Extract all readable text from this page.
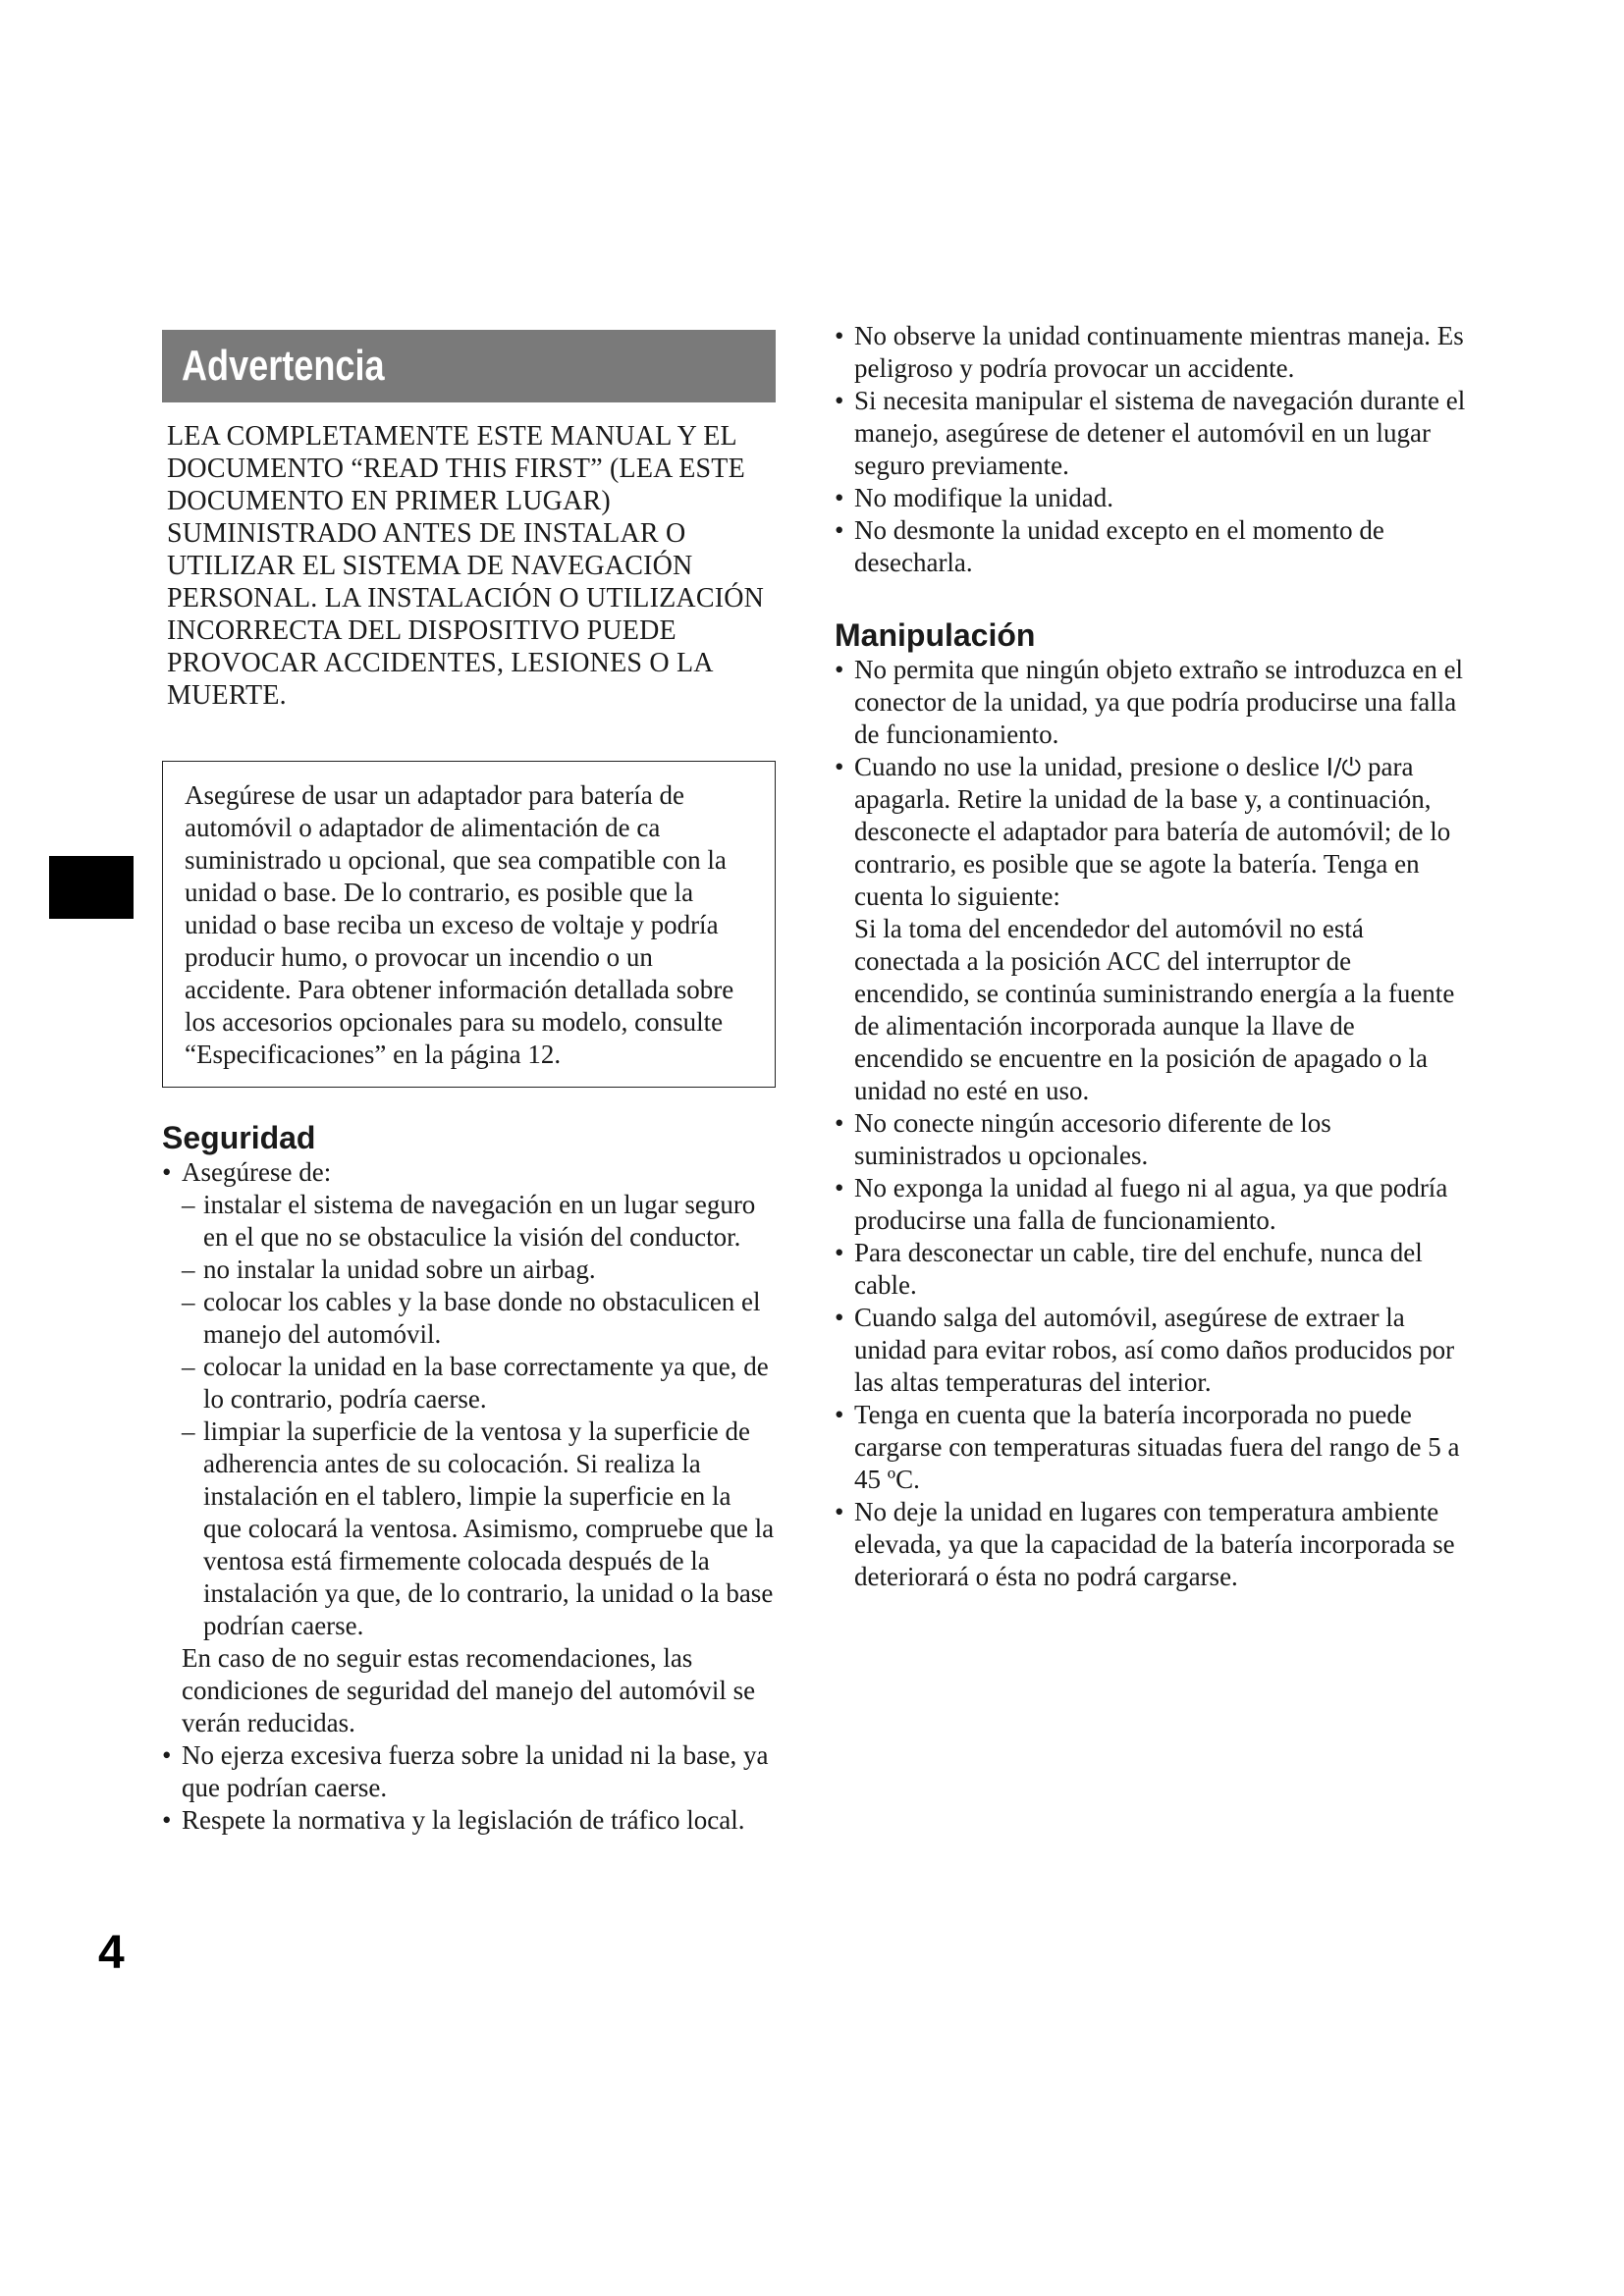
Advertencia
LEA COMPLETAMENTE ESTE MANUAL Y EL DOCUMENTO “READ THIS FIRST” (LEA ESTE DOCUMENTO EN PRIMER LUGAR) SUMINISTRADO ANTES DE INSTALAR O UTILIZAR EL SISTEMA DE NAVEGACIÓN PERSONAL. LA INSTALACIÓN O UTILIZACIÓN INCORRECTA DEL DISPOSITIVO PUEDE PROVOCAR ACCIDENTES, LESIONES O LA MUERTE.
Asegúrese de usar un adaptador para batería de automóvil o adaptador de alimentación de ca suministrado u opcional, que sea compatible con la unidad o base. De lo contrario, es posible que la unidad o base reciba un exceso de voltaje y podría producir humo, o provocar un incendio o un accidente. Para obtener información detallada sobre los accesorios opcionales para su modelo, consulte “Especificaciones” en la página 12.
Seguridad
• Asegúrese de:
– instalar el sistema de navegación en un lugar seguro en el que no se obstaculice la visión del conductor.
– no instalar la unidad sobre un airbag.
– colocar los cables y la base donde no obstaculicen el manejo del automóvil.
– colocar la unidad en la base correctamente ya que, de lo contrario, podría caerse.
– limpiar la superficie de la ventosa y la superficie de adherencia antes de su colocación. Si realiza la instalación en el tablero, limpie la superficie en la que colocará la ventosa. Asimismo, compruebe que la ventosa está firmemente colocada después de la instalación ya que, de lo contrario, la unidad o la base podrían caerse.
En caso de no seguir estas recomendaciones, las condiciones de seguridad del manejo del automóvil se verán reducidas.
• No ejerza excesiva fuerza sobre la unidad ni la base, ya que podrían caerse.
• Respete la normativa y la legislación de tráfico local.
• No observe la unidad continuamente mientras maneja. Es peligroso y podría provocar un accidente.
• Si necesita manipular el sistema de navegación durante el manejo, asegúrese de detener el automóvil en un lugar seguro previamente.
• No modifique la unidad.
• No desmonte la unidad excepto en el momento de desecharla.
Manipulación
• No permita que ningún objeto extraño se introduzca en el conector de la unidad, ya que podría producirse una falla de funcionamiento.
• Cuando no use la unidad, presione o deslice I/⏻ para apagarla. Retire la unidad de la base y, a continuación, desconecte el adaptador para batería de automóvil; de lo contrario, es posible que se agote la batería. Tenga en cuenta lo siguiente:
Si la toma del encendedor del automóvil no está conectada a la posición ACC del interruptor de encendido, se continúa suministrando energía a la fuente de alimentación incorporada aunque la llave de encendido se encuentre en la posición de apagado o la unidad no esté en uso.
• No conecte ningún accesorio diferente de los suministrados u opcionales.
• No exponga la unidad al fuego ni al agua, ya que podría producirse una falla de funcionamiento.
• Para desconectar un cable, tire del enchufe, nunca del cable.
• Cuando salga del automóvil, asegúrese de extraer la unidad para evitar robos, así como daños producidos por las altas temperaturas del interior.
• Tenga en cuenta que la batería incorporada no puede cargarse con temperaturas situadas fuera del rango de 5 a 45 ºC.
• No deje la unidad en lugares con temperatura ambiente elevada, ya que la capacidad de la batería incorporada se deteriorará o ésta no podrá cargarse.
4
